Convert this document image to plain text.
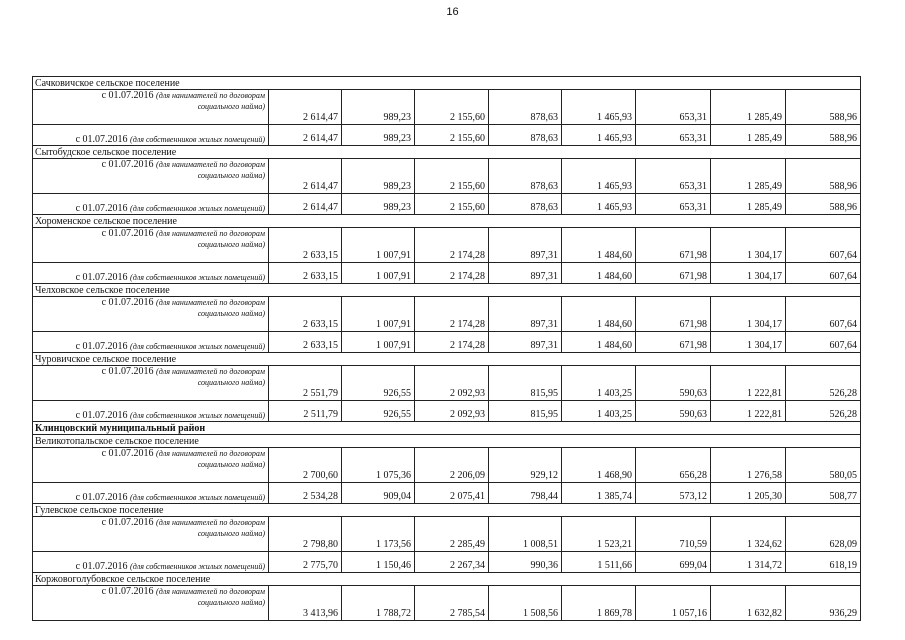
16
Сачковичское сельское поселение								
с 01.07.2016 (для нанимателей по договорам
социального найма)	2 614,47	989,23	2 155,60	878,63	1 465,93	653,31	1 285,49	588,96
с 01.07.2016 (для собственников жилых помещений)	2 614,47	989,23	2 155,60	878,63	1 465,93	653,31	1 285,49	588,96
Сытобудское сельское поселение								
с 01.07.2016 (для нанимателей по договорам
социального найма)	2 614,47	989,23	2 155,60	878,63	1 465,93	653,31	1 285,49	588,96
с 01.07.2016 (для собственников жилых помещений)	2 614,47	989,23	2 155,60	878,63	1 465,93	653,31	1 285,49	588,96
Хороменское сельское поселение								
с 01.07.2016 (для нанимателей по договорам
социального найма)	2 633,15	1 007,91	2 174,28	897,31	1 484,60	671,98	1 304,17	607,64
с 01.07.2016 (для собственников жилых помещений)	2 633,15	1 007,91	2 174,28	897,31	1 484,60	671,98	1 304,17	607,64
Челховское сельское поселение								
с 01.07.2016 (для нанимателей по договорам
социального найма)	2 633,15	1 007,91	2 174,28	897,31	1 484,60	671,98	1 304,17	607,64
с 01.07.2016 (для собственников жилых помещений)	2 633,15	1 007,91	2 174,28	897,31	1 484,60	671,98	1 304,17	607,64
Чуровичское сельское поселение								
с 01.07.2016 (для нанимателей по договорам
социального найма)	2 551,79	926,55	2 092,93	815,95	1 403,25	590,63	1 222,81	526,28
с 01.07.2016 (для собственников жилых помещений)	2 511,79	926,55	2 092,93	815,95	1 403,25	590,63	1 222,81	526,28
Клинцовский муниципальный район								
Великотопальское сельское поселение								
с 01.07.2016 (для нанимателей по договорам
социального найма)	2 700,60	1 075,36	2 206,09	929,12	1 468,90	656,28	1 276,58	580,05
с 01.07.2016 (для собственников жилых помещений)	2 534,28	909,04	2 075,41	798,44	1 385,74	573,12	1 205,30	508,77
Гулевское сельское поселение								
с 01.07.2016 (для нанимателей по договорам
социального найма)	2 798,80	1 173,56	2 285,49	1 008,51	1 523,21	710,59	1 324,62	628,09
с 01.07.2016 (для собственников жилых помещений)	2 775,70	1 150,46	2 267,34	990,36	1 511,66	699,04	1 314,72	618,19
Коржовоголубовское сельское поселение								
с 01.07.2016 (для нанимателей по договорам
социального найма)	3 413,96	1 788,72	2 785,54	1 508,56	1 869,78	1 057,16	1 632,82	936,29
